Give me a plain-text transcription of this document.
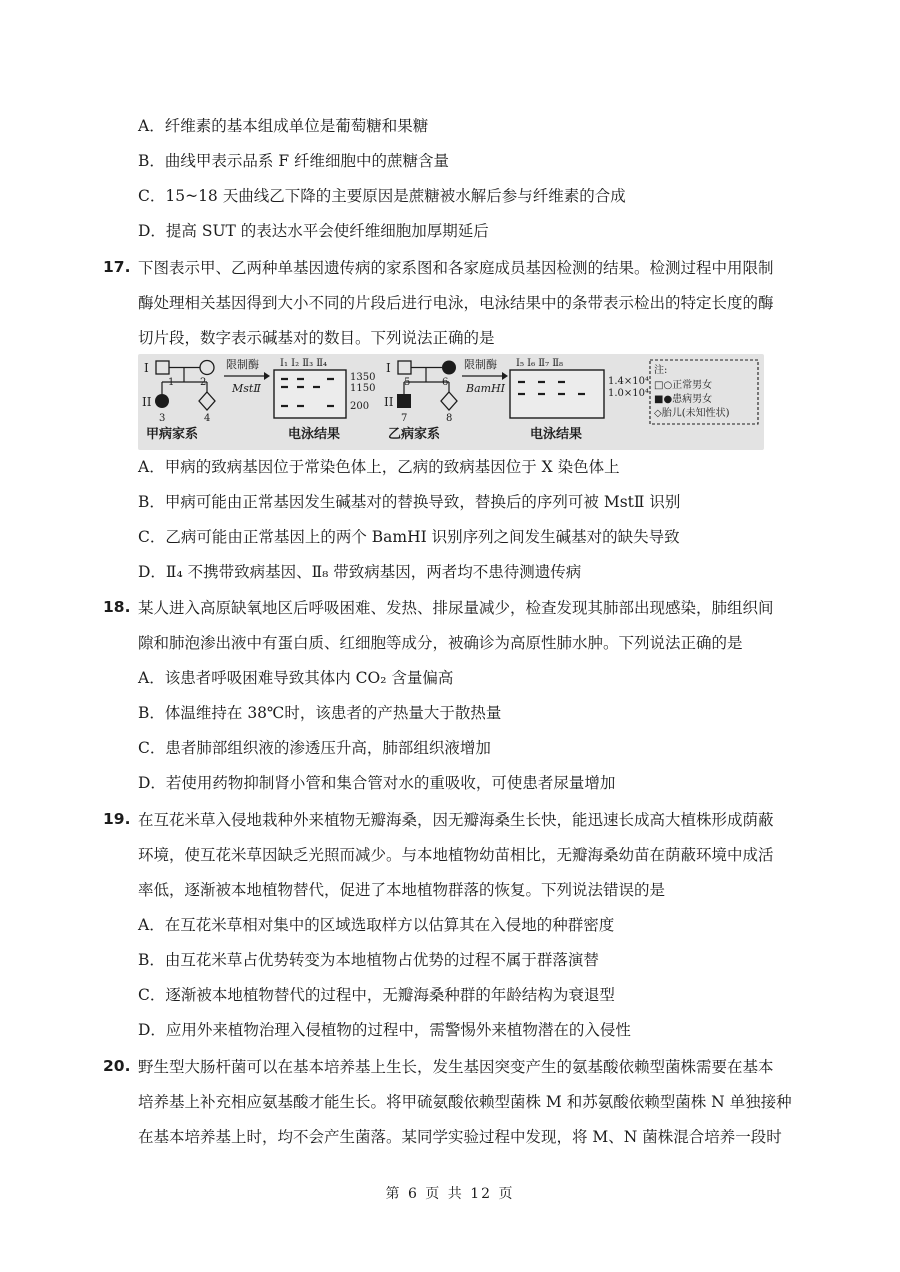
A．纤维素的基本组成单位是葡萄糖和果糖
B．曲线甲表示品系 F 纤维细胞中的蔗糖含量
C．15~18 天曲线乙下降的主要原因是蔗糖被水解后参与纤维素的合成
D．提高 SUT 的表达水平会使纤维细胞加厚期延后
17. 下图表示甲、乙两种单基因遗传病的家系图和各家庭成员基因检测的结果。检测过程中用限制
酶处理相关基因得到大小不同的片段后进行电泳，电泳结果中的条带表示检出的特定长度的酶
切片段，数字表示碱基对的数目。下列说法正确的是
I
1	2
II
3	4
甲病家系
限制酶
MstⅡ
I₁ I₂ Ⅱ₃ Ⅱ₄
1350
1150
200
电泳结果
I
5	6
II
7	8
乙病家系
限制酶
BamHI
I₅ I₆ Ⅱ₇ Ⅱ₈
1.4×10⁴
1.0×10⁴
电泳结果
注:
□○正常男女
■●患病男女
◇胎儿(未知性状)
A．甲病的致病基因位于常染色体上，乙病的致病基因位于 X 染色体上
B．甲病可能由正常基因发生碱基对的替换导致，替换后的序列可被 MstⅡ 识别
C．乙病可能由正常基因上的两个 BamHI 识别序列之间发生碱基对的缺失导致
D．Ⅱ₄ 不携带致病基因、Ⅱ₈ 带致病基因，两者均不患待测遗传病
18. 某人进入高原缺氧地区后呼吸困难、发热、排尿量减少，检查发现其肺部出现感染，肺组织间
隙和肺泡渗出液中有蛋白质、红细胞等成分，被确诊为高原性肺水肿。下列说法正确的是
A．该患者呼吸困难导致其体内 CO₂ 含量偏高
B．体温维持在 38℃时，该患者的产热量大于散热量
C．患者肺部组织液的渗透压升高，肺部组织液增加
D．若使用药物抑制肾小管和集合管对水的重吸收，可使患者尿量增加
19. 在互花米草入侵地栽种外来植物无瓣海桑，因无瓣海桑生长快，能迅速长成高大植株形成荫蔽
环境，使互花米草因缺乏光照而减少。与本地植物幼苗相比，无瓣海桑幼苗在荫蔽环境中成活
率低，逐渐被本地植物替代，促进了本地植物群落的恢复。下列说法错误的是
A．在互花米草相对集中的区域选取样方以估算其在入侵地的种群密度
B．由互花米草占优势转变为本地植物占优势的过程不属于群落演替
C．逐渐被本地植物替代的过程中，无瓣海桑种群的年龄结构为衰退型
D．应用外来植物治理入侵植物的过程中，需警惕外来植物潜在的入侵性
20. 野生型大肠杆菌可以在基本培养基上生长，发生基因突变产生的氨基酸依赖型菌株需要在基本
培养基上补充相应氨基酸才能生长。将甲硫氨酸依赖型菌株 M 和苏氨酸依赖型菌株 N 单独接种
在基本培养基上时，均不会产生菌落。某同学实验过程中发现，将 M、N 菌株混合培养一段时
第 6 页 共 12 页
